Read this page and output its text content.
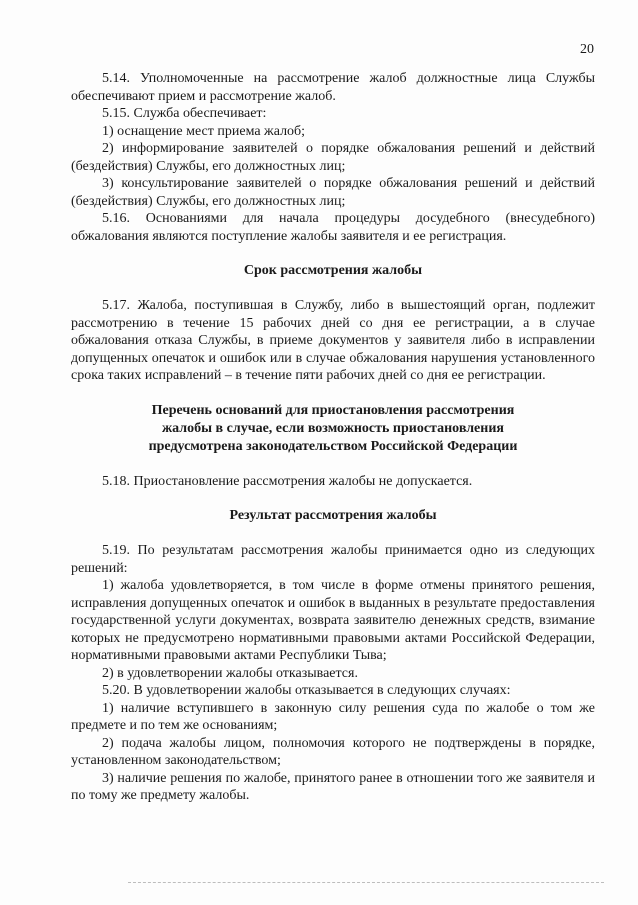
20

5.14. Уполномоченные на рассмотрение жалоб должностные лица Службы обеспечивают прием и рассмотрение жалоб.

5.15. Служба обеспечивает:

1) оснащение мест приема жалоб;

2) информирование заявителей о порядке обжалования решений и действий (бездействия) Службы, его должностных лиц;

3) консультирование заявителей о порядке обжалования решений и действий (бездействия) Службы, его должностных лиц;

5.16. Основаниями для начала процедуры досудебного (внесудебного) обжалования являются поступление жалобы заявителя и ее регистрация.

Срок рассмотрения жалобы

5.17. Жалоба, поступившая в Службу, либо в вышестоящий орган, подлежит рассмотрению в течение 15 рабочих дней со дня ее регистрации, а в случае обжалования отказа Службы, в приеме документов у заявителя либо в исправлении допущенных опечаток и ошибок или в случае обжалования нарушения установленного срока таких исправлений – в течение пяти рабочих дней со дня ее регистрации.

Перечень оснований для приостановления рассмотрения

жалобы в случае, если возможность приостановления

предусмотрена законодательством Российской Федерации

5.18. Приостановление рассмотрения жалобы не допускается.

Результат рассмотрения жалобы

5.19. По результатам рассмотрения жалобы принимается одно из следующих решений:

1) жалоба удовлетворяется, в том числе в форме отмены принятого решения, исправления допущенных опечаток и ошибок в выданных в результате предоставления государственной услуги документах, возврата заявителю денежных средств, взимание которых не предусмотрено нормативными правовыми актами Российской Федерации, нормативными правовыми актами Республики Тыва;

2) в удовлетворении жалобы отказывается.

5.20. В удовлетворении жалобы отказывается в следующих случаях:

1) наличие вступившего в законную силу решения суда по жалобе о том же предмете и по тем же основаниям;

2) подача жалобы лицом, полномочия которого не подтверждены в порядке, установленном законодательством;

3) наличие решения по жалобе, принятого ранее в отношении того же заявителя и по тому же предмету жалобы.
